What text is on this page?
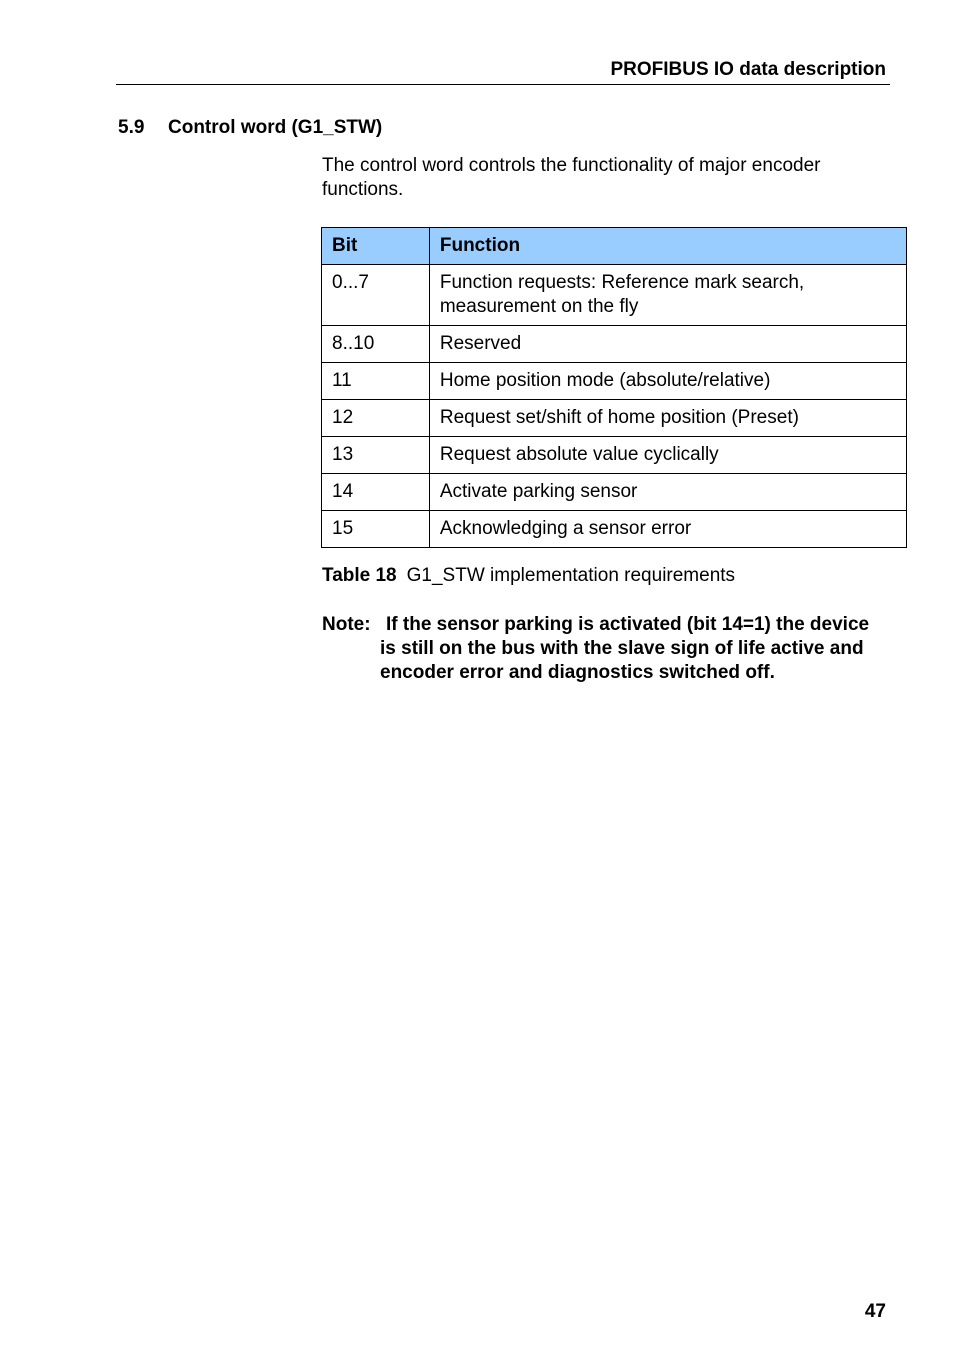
PROFIBUS IO data description
5.9 Control word (G1_STW)
The control word controls the functionality of major encoder functions.
Bit	Function
0...7	Function requests: Reference mark search, measurement on the fly
8..10	Reserved
11	Home position mode (absolute/relative)
12	Request set/shift of home position (Preset)
13	Request absolute value cyclically
14	Activate parking sensor
15	Acknowledging a sensor error
Table 18 G1_STW implementation requirements
Note: If the sensor parking is activated (bit 14=1) the device is still on the bus with the slave sign of life active and encoder error and diagnostics switched off.
47
